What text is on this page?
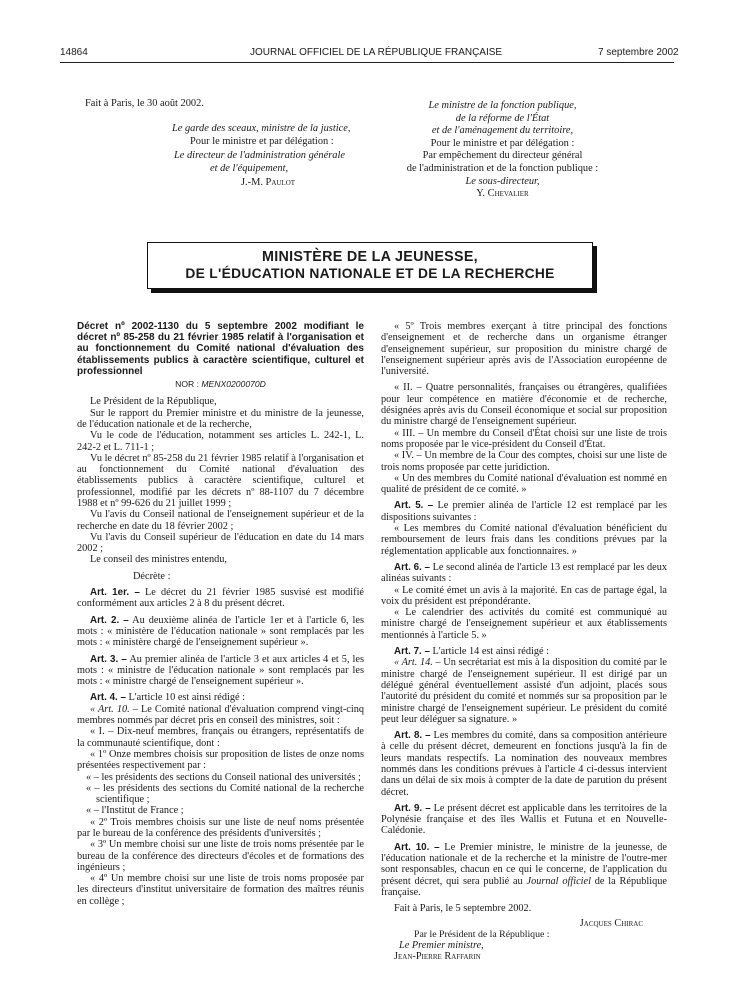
14864	JOURNAL OFFICIEL DE LA RÉPUBLIQUE FRANÇAISE	7 septembre 2002

Fait à Paris, le 30 août 2002.

Le garde des sceaux, ministre de la justice,

Pour le ministre et par délégation :

Le directeur de l'administration générale

et de l'équipement,

J.-M. Paulot

Le ministre de la fonction publique,

de la réforme de l'État

et de l'aménagement du territoire,

Pour le ministre et par délégation :

Par empêchement du directeur général

de l'administration et de la fonction publique :

Le sous-directeur,

Y. Chevalier

MINISTÈRE DE LA JEUNESSE,
DE L'ÉDUCATION NATIONALE ET DE LA RECHERCHE

Décret nº 2002-1130 du 5 septembre 2002 modifiant le décret nº 85-258 du 21 février 1985 relatif à l'organisation et au fonctionnement du Comité national d'évaluation des établissements publics à caractère scientifique, culturel et professionnel

NOR : MENX0200070D

Le Président de la République,

Sur le rapport du Premier ministre et du ministre de la jeunesse, de l'éducation nationale et de la recherche,

Vu le code de l'éducation, notamment ses articles L. 242-1, L. 242-2 et L. 711-1 ;

Vu le décret nº 85-258 du 21 février 1985 relatif à l'organisation et au fonctionnement du Comité national d'évaluation des établissements publics à caractère scientifique, culturel et professionnel, modifié par les décrets nº 88-1107 du 7 décembre 1988 et nº 99-626 du 21 juillet 1999 ;

Vu l'avis du Conseil national de l'enseignement supérieur et de la recherche en date du 18 février 2002 ;

Vu l'avis du Conseil supérieur de l'éducation en date du 14 mars 2002 ;

Le conseil des ministres entendu,

Décrète :

Art. 1er. – Le décret du 21 février 1985 susvisé est modifié conformément aux articles 2 à 8 du présent décret.

Art. 2. – Au deuxième alinéa de l'article 1er et à l'article 6, les mots : « ministère de l'éducation nationale » sont remplacés par les mots : « ministère chargé de l'enseignement supérieur ».

Art. 3. – Au premier alinéa de l'article 3 et aux articles 4 et 5, les mots : « ministre de l'éducation nationale » sont remplacés par les mots : « ministre chargé de l'enseignement supérieur ».

Art. 4. – L'article 10 est ainsi rédigé :

« Art. 10. – Le Comité national d'évaluation comprend vingt-cinq membres nommés par décret pris en conseil des ministres, soit :

« I. – Dix-neuf membres, français ou étrangers, représentatifs de la communauté scientifique, dont :

« 1º Onze membres choisis sur proposition de listes de onze noms présentées respectivement par :

« – les présidents des sections du Conseil national des universités ;

« – les présidents des sections du Comité national de la recherche scientifique ;

« – l'Institut de France ;

« 2º Trois membres choisis sur une liste de neuf noms présentée par le bureau de la conférence des présidents d'universités ;

« 3º Un membre choisi sur une liste de trois noms présentée par le bureau de la conférence des directeurs d'écoles et de formations des ingénieurs ;

« 4º Un membre choisi sur une liste de trois noms proposée par les directeurs d'institut universitaire de formation des maîtres réunis en collège ;

« 5º Trois membres exerçant à titre principal des fonctions d'enseignement et de recherche dans un organisme étranger d'enseignement supérieur, sur proposition du ministre chargé de l'enseignement supérieur après avis de l'Association européenne de l'université.

« II. – Quatre personnalités, françaises ou étrangères, qualifiées pour leur compétence en matière d'économie et de recherche, désignées après avis du Conseil économique et social sur proposition du ministre chargé de l'enseignement supérieur.

« III. – Un membre du Conseil d'État choisi sur une liste de trois noms proposée par le vice-président du Conseil d'État.

« IV. – Un membre de la Cour des comptes, choisi sur une liste de trois noms proposée par cette juridiction.

« Un des membres du Comité national d'évaluation est nommé en qualité de président de ce comité. »

Art. 5. – Le premier alinéa de l'article 12 est remplacé par les dispositions suivantes :

« Les membres du Comité national d'évaluation bénéficient du remboursement de leurs frais dans les conditions prévues par la réglementation applicable aux fonctionnaires. »

Art. 6. – Le second alinéa de l'article 13 est remplacé par les deux alinéas suivants :

« Le comité émet un avis à la majorité. En cas de partage égal, la voix du président est prépondérante.

« Le calendrier des activités du comité est communiqué au ministre chargé de l'enseignement supérieur et aux établissements mentionnés à l'article 5. »

Art. 7. – L'article 14 est ainsi rédigé :

« Art. 14. – Un secrétariat est mis à la disposition du comité par le ministre chargé de l'enseignement supérieur. Il est dirigé par un délégué général éventuellement assisté d'un adjoint, placés sous l'autorité du président du comité et nommés sur sa proposition par le ministre chargé de l'enseignement supérieur. Le président du comité peut leur déléguer sa signature. »

Art. 8. – Les membres du comité, dans sa composition antérieure à celle du présent décret, demeurent en fonctions jusqu'à la fin de leurs mandats respectifs. La nomination des nouveaux membres nommés dans les conditions prévues à l'article 4 ci-dessus intervient dans un délai de six mois à compter de la date de parution du présent décret.

Art. 9. – Le présent décret est applicable dans les territoires de la Polynésie française et des îles Wallis et Futuna et en Nouvelle-Calédonie.

Art. 10. – Le Premier ministre, le ministre de la jeunesse, de l'éducation nationale et de la recherche et la ministre de l'outre-mer sont responsables, chacun en ce qui le concerne, de l'application du présent décret, qui sera publié au Journal officiel de la République française.

Fait à Paris, le 5 septembre 2002.

Jacques Chirac

Par le Président de la République :

Le Premier ministre,

Jean-Pierre Raffarin
